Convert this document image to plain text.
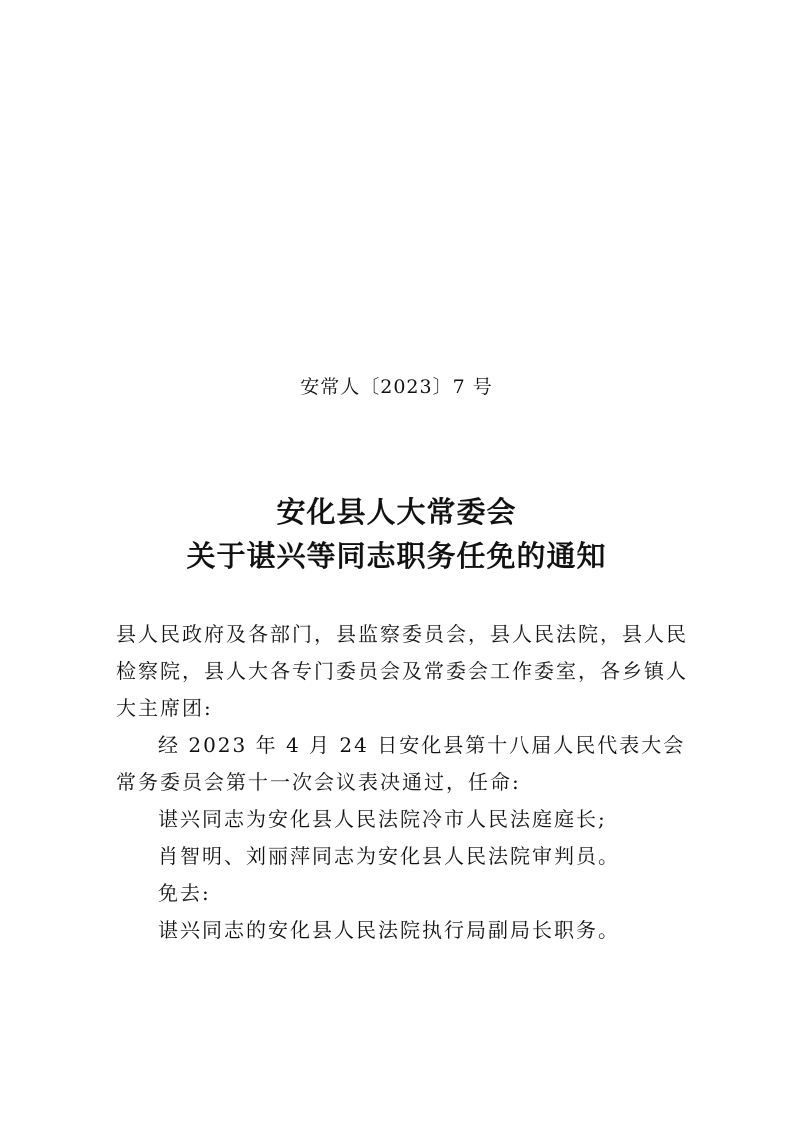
安常人〔2023〕7 号
安化县人大常委会
关于谌兴等同志职务任免的通知

县人民政府及各部门，县监察委员会，县人民法院，县人民检察院，县人大各专门委员会及常委会工作委室，各乡镇人大主席团:

经 2023 年 4 月 24 日安化县第十八届人民代表大会常务委员会第十一次会议表决通过，任命:

谌兴同志为安化县人民法院冷市人民法庭庭长;

肖智明、刘丽萍同志为安化县人民法院审判员。

免去:

谌兴同志的安化县人民法院执行局副局长职务。
